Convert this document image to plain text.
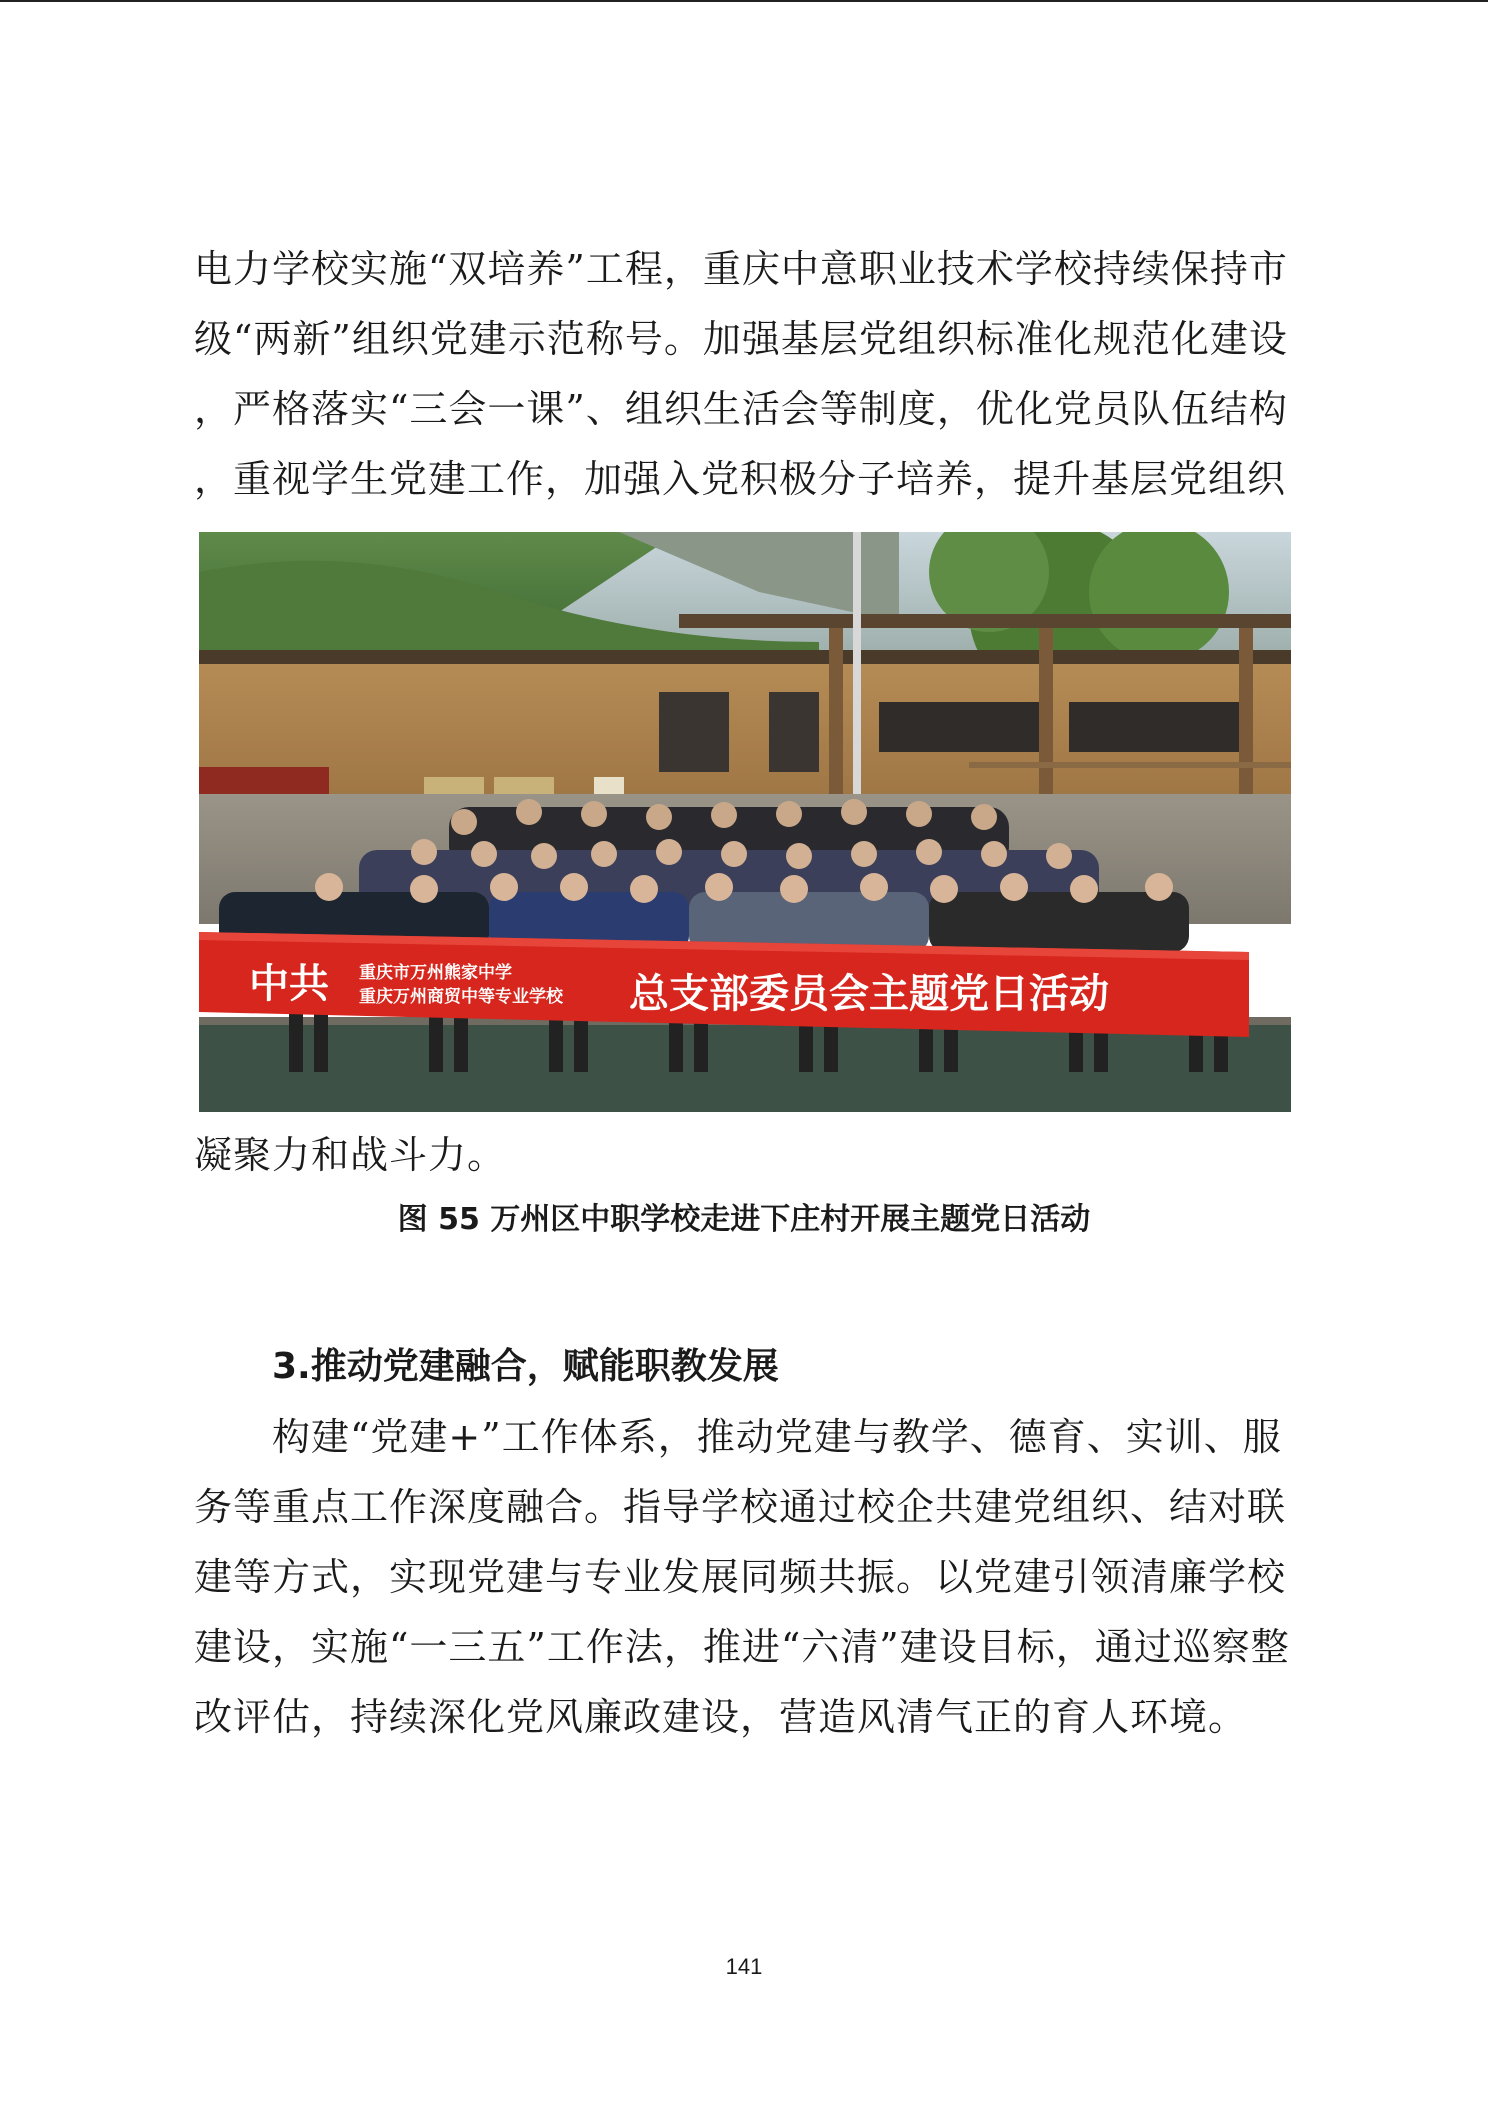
电力学校实施“双培养”工程，重庆中意职业技术学校持续保持市
级“两新”组织党建示范称号。加强基层党组织标准化规范化建设
，严格落实“三会一课”、组织生活会等制度，优化党员队伍结构
，重视学生党建工作，加强入党积极分子培养，提升基层党组织
中共 重庆市万州熊家中学
重庆万州商贸中等专业学校 总支部委员会主题党日活动
凝聚力和战斗力。
图 55 万州区中职学校走进下庄村开展主题党日活动
3.推动党建融合，赋能职教发展
构建“党建+”工作体系，推动党建与教学、德育、实训、服
务等重点工作深度融合。指导学校通过校企共建党组织、结对联
建等方式，实现党建与专业发展同频共振。以党建引领清廉学校
建设，实施“一三五”工作法，推进“六清”建设目标，通过巡察整
改评估，持续深化党风廉政建设，营造风清气正的育人环境。
141
